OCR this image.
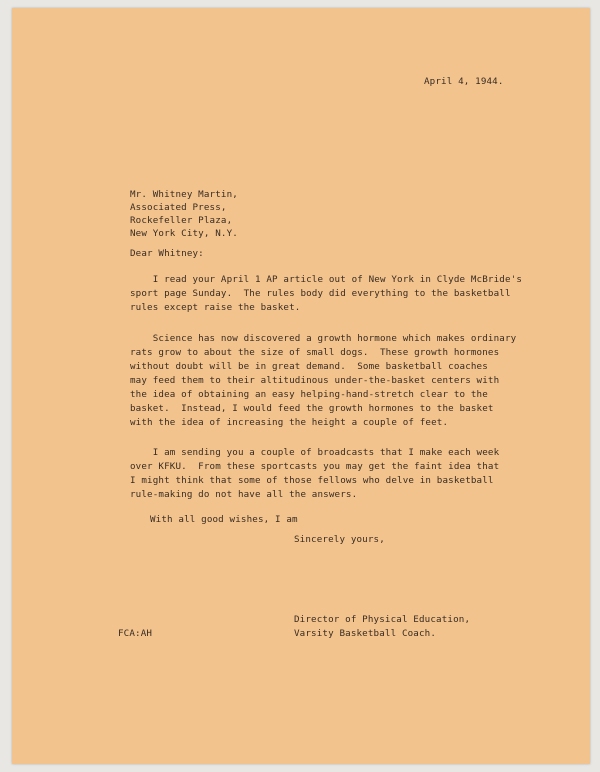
April 4, 1944.
Mr. Whitney Martin,
Associated Press,
Rockefeller Plaza,
New York City, N.Y.
Dear Whitney:
I read your April 1 AP article out of New York in Clyde McBride's
sport page Sunday.  The rules body did everything to the basketball
rules except raise the basket.
Science has now discovered a growth hormone which makes ordinary
rats grow to about the size of small dogs.  These growth hormones
without doubt will be in great demand.  Some basketball coaches
may feed them to their altitudinous under-the-basket centers with
the idea of obtaining an easy helping-hand-stretch clear to the
basket.  Instead, I would feed the growth hormones to the basket
with the idea of increasing the height a couple of feet.
I am sending you a couple of broadcasts that I make each week
over KFKU.  From these sportcasts you may get the faint idea that
I might think that some of those fellows who delve in basketball
rule-making do not have all the answers.
With all good wishes, I am
Sincerely yours,
Director of Physical Education,
Varsity Basketball Coach.
FCA:AH
